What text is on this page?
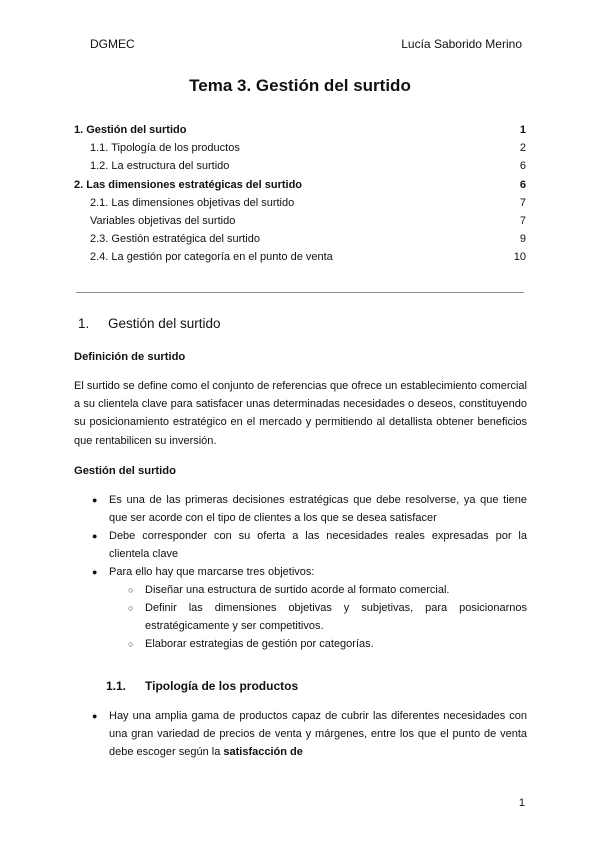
DGMEC	Lucía Saborido Merino
Tema 3. Gestión del surtido
1. Gestión del surtido	1
1.1. Tipología de los productos	2
1.2. La estructura del surtido	6
2. Las dimensiones estratégicas del surtido	6
2.1. Las dimensiones objetivas del surtido	7
Variables objetivas del surtido	7
2.3. Gestión estratégica del surtido	9
2.4. La gestión por categoría en el punto de venta	10
1. Gestión del surtido
Definición de surtido

El surtido se define como el conjunto de referencias que ofrece un establecimiento comercial a su clientela clave para satisfacer unas determinadas necesidades o deseos, constituyendo su posicionamiento estratégico en el mercado y permitiendo al detallista obtener beneficios que rentabilicen su inversión.

Gestión del surtido
● Es una de las primeras decisiones estratégicas que debe resolverse, ya que tiene que ser acorde con el tipo de clientes a los que se desea satisfacer
● Debe corresponder con su oferta a las necesidades reales expresadas por la clientela clave
● Para ello hay que marcarse tres objetivos:
○ Diseñar una estructura de surtido acorde al formato comercial.
○ Definir las dimensiones objetivas y subjetivas, para posicionarnos estratégicamente y ser competitivos.
○ Elaborar estrategias de gestión por categorías.
1.1. Tipología de los productos
● Hay una amplia gama de productos capaz de cubrir las diferentes necesidades con una gran variedad de precios de venta y márgenes, entre los que el punto de venta debe escoger según la satisfacción de
1
